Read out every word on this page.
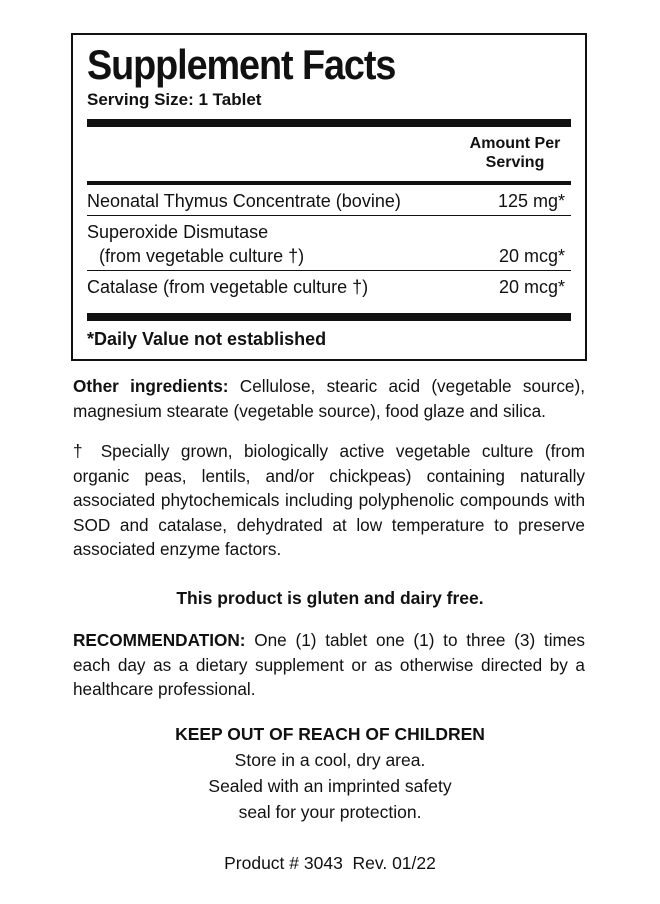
Supplement Facts
Serving Size: 1 Tablet
Amount Per
Serving
Neonatal Thymus Concentrate (bovine)	125 mg*
Superoxide Dismutase
(from vegetable culture †)	20 mcg*
Catalase (from vegetable culture †)	20 mcg*
*Daily Value not established

Other ingredients: Cellulose, stearic acid (vegetable source), magnesium stearate (vegetable source), food glaze and silica.

† Specially grown, biologically active vegetable culture (from organic peas, lentils, and/or chickpeas) containing naturally associated phytochemicals including polyphenolic compounds with SOD and catalase, dehydrated at low temperature to preserve associated enzyme factors.

This product is gluten and dairy free.

RECOMMENDATION: One (1) tablet one (1) to three (3) times each day as a dietary supplement or as otherwise directed by a healthcare professional.

KEEP OUT OF REACH OF CHILDREN
Store in a cool, dry area.
Sealed with an imprinted safety
seal for your protection.
Product # 3043  Rev. 01/22
